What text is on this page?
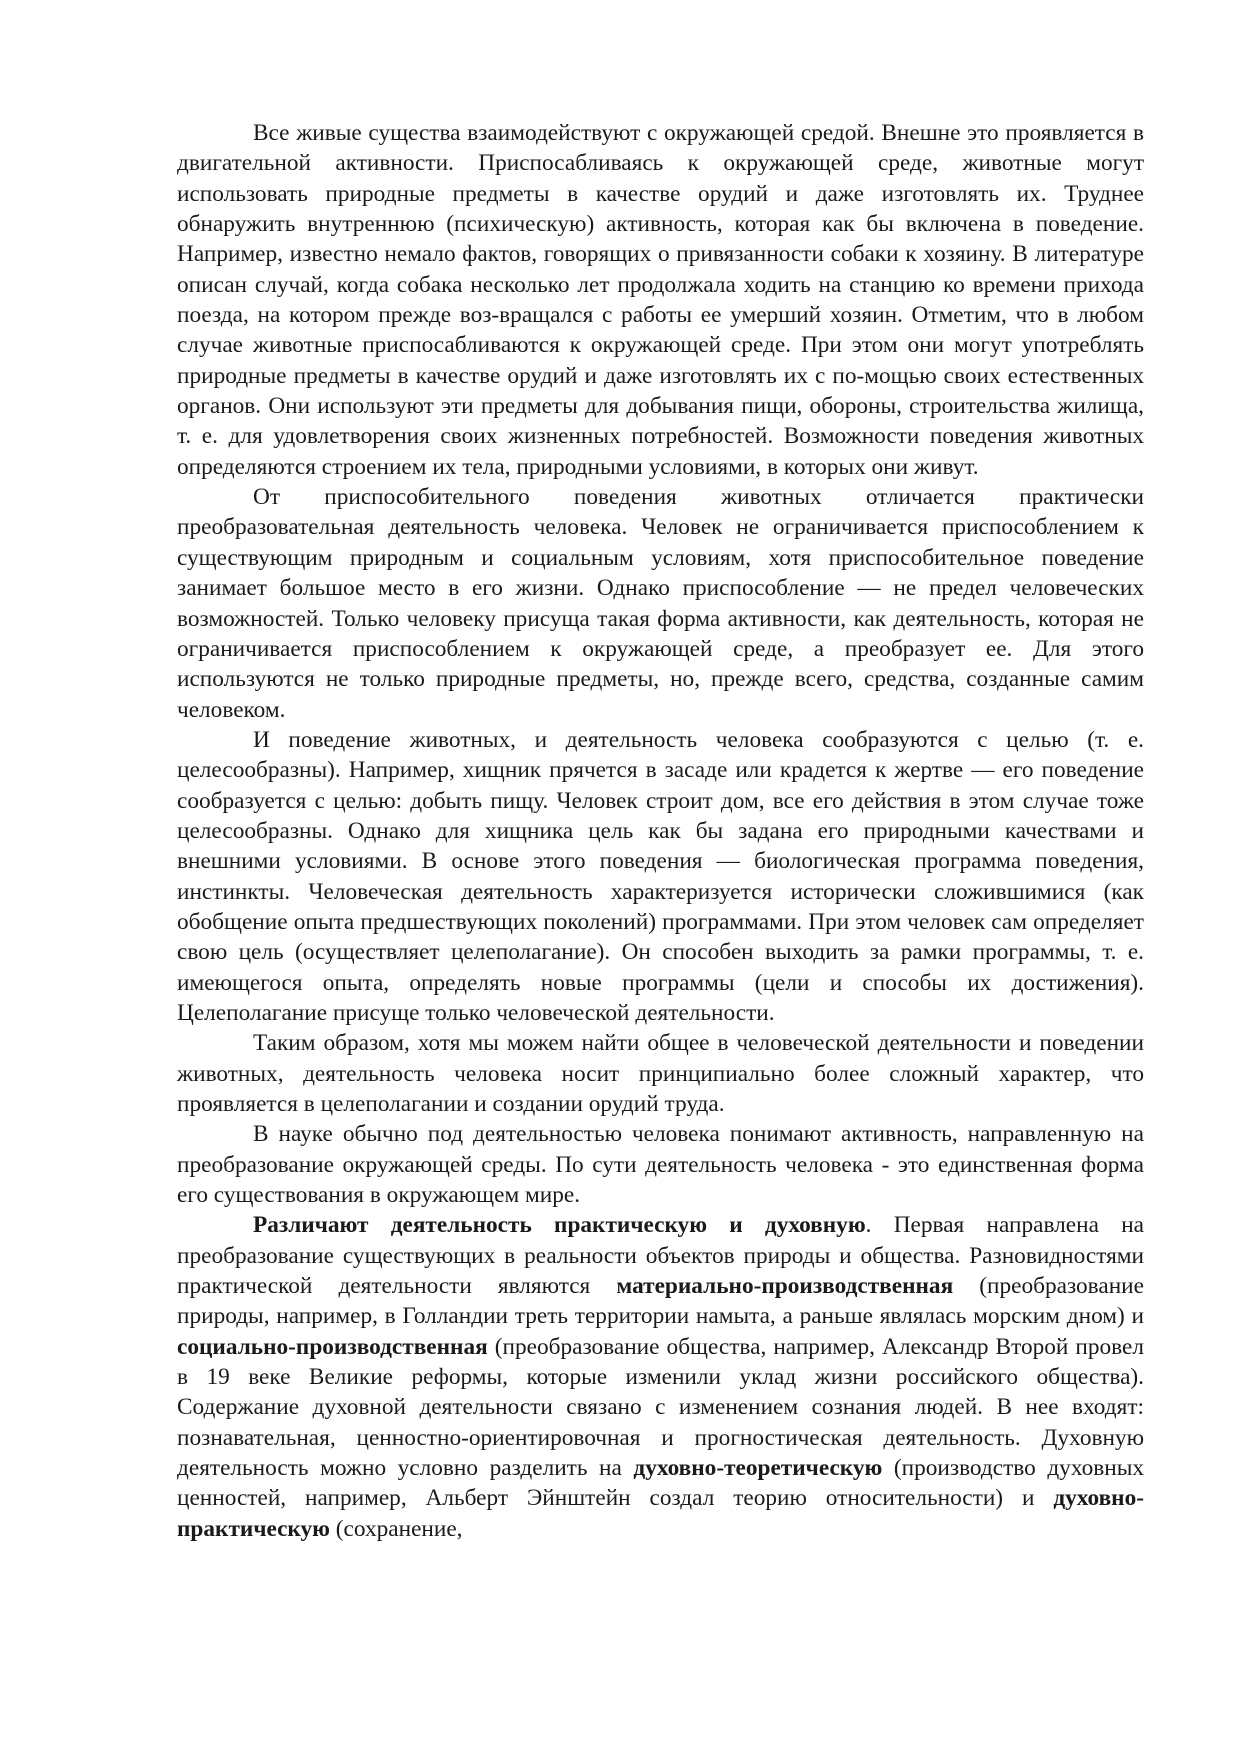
Все живые существа взаимодействуют с окружающей средой. Внешне это проявляется в двигательной активности. Приспосабливаясь к окружающей среде, животные могут использовать природные предметы в качестве орудий и даже изготовлять их. Труднее обнаружить внутреннюю (психическую) активность, которая как бы включена в поведение. Например, известно немало фактов, говорящих о привязанности собаки к хозяину. В литературе описан случай, когда собака несколько лет продолжала ходить на станцию ко времени прихода поезда, на котором прежде воз-вращался с работы ее умерший хозяин. Отметим, что в любом случае животные приспосабливаются к окружающей среде. При этом они могут употреблять природные предметы в качестве орудий и даже изготовлять их с по-мощью своих естественных органов. Они используют эти предметы для добывания пищи, обороны, строительства жилища, т. е. для удовлетворения своих жизненных потребностей. Возможности поведения животных определяются строением их тела, природными условиями, в которых они живут.

От приспособительного поведения животных отличается практически преобразовательная деятельность человека. Человек не ограничивается приспособлением к существующим природным и социальным условиям, хотя приспособительное поведение занимает большое место в его жизни. Однако приспособление — не предел человеческих возможностей. Только человеку присуща такая форма активности, как деятельность, которая не ограничивается приспособлением к окружающей среде, а преобразует ее. Для этого используются не только природные предметы, но, прежде всего, средства, созданные самим человеком.

И поведение животных, и деятельность человека сообразуются с целью (т. е. целесообразны). Например, хищник прячется в засаде или крадется к жертве — его поведение сообразуется с целью: добыть пищу. Человек строит дом, все его действия в этом случае тоже целесообразны. Однако для хищника цель как бы задана его природными качествами и внешними условиями. В основе этого поведения — биологическая программа поведения, инстинкты. Человеческая деятельность характеризуется исторически сложившимися (как обобщение опыта предшествующих поколений) программами. При этом человек сам определяет свою цель (осуществляет целеполагание). Он способен выходить за рамки программы, т. е. имеющегося опыта, определять новые программы (цели и способы их достижения). Целеполагание присуще только человеческой деятельности.

Таким образом, хотя мы можем найти общее в человеческой деятельности и поведении животных, деятельность человека носит принципиально более сложный характер, что проявляется в целеполагании и создании орудий труда.

В науке обычно под деятельностью человека понимают активность, направленную на преобразование окружающей среды. По сути деятельность человека - это единственная форма его существования в окружающем мире.

Различают деятельность практическую и духовную. Первая направлена на преобразование существующих в реальности объектов природы и общества. Разновидностями практической деятельности являются материально-производственная (преобразование природы, например, в Голландии треть территории намыта, а раньше являлась морским дном) и социально-производственная (преобразование общества, например, Александр Второй провел в 19 веке Великие реформы, которые изменили уклад жизни российского общества). Содержание духовной деятельности связано с изменением сознания людей. В нее входят: познавательная, ценностно-ориентировочная и прогностическая деятельность. Духовную деятельность можно условно разделить на духовно-теоретическую (производство духовных ценностей, например, Альберт Эйнштейн создал теорию относительности) и духовно-практическую (сохранение,
